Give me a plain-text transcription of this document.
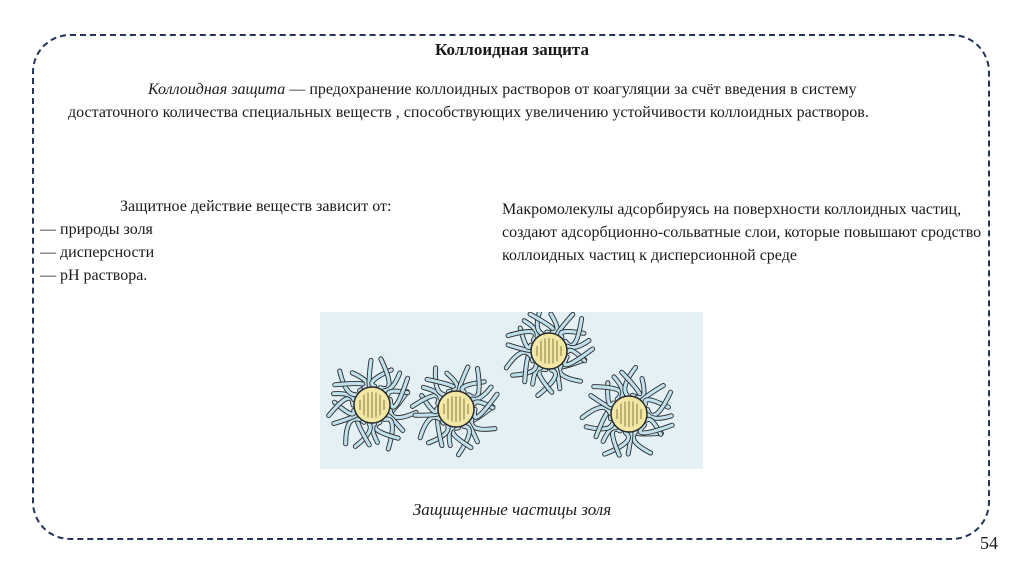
Коллоидная защита

Коллоидная защита — предохранение коллоидных растворов от коагуляции за счёт введения в систему достаточного количества специальных веществ , способствующих увеличению устойчивости коллоидных растворов.

Защитное действие веществ зависит от:
— природы золя
— дисперсности
— pH раствора.
Макромолекулы адсорбируясь на поверхности коллоидных частиц, создают адсорбционно-сольватные слои, которые повышают сродство коллоидных частиц к дисперсионной среде
Защищенные частицы золя
54
